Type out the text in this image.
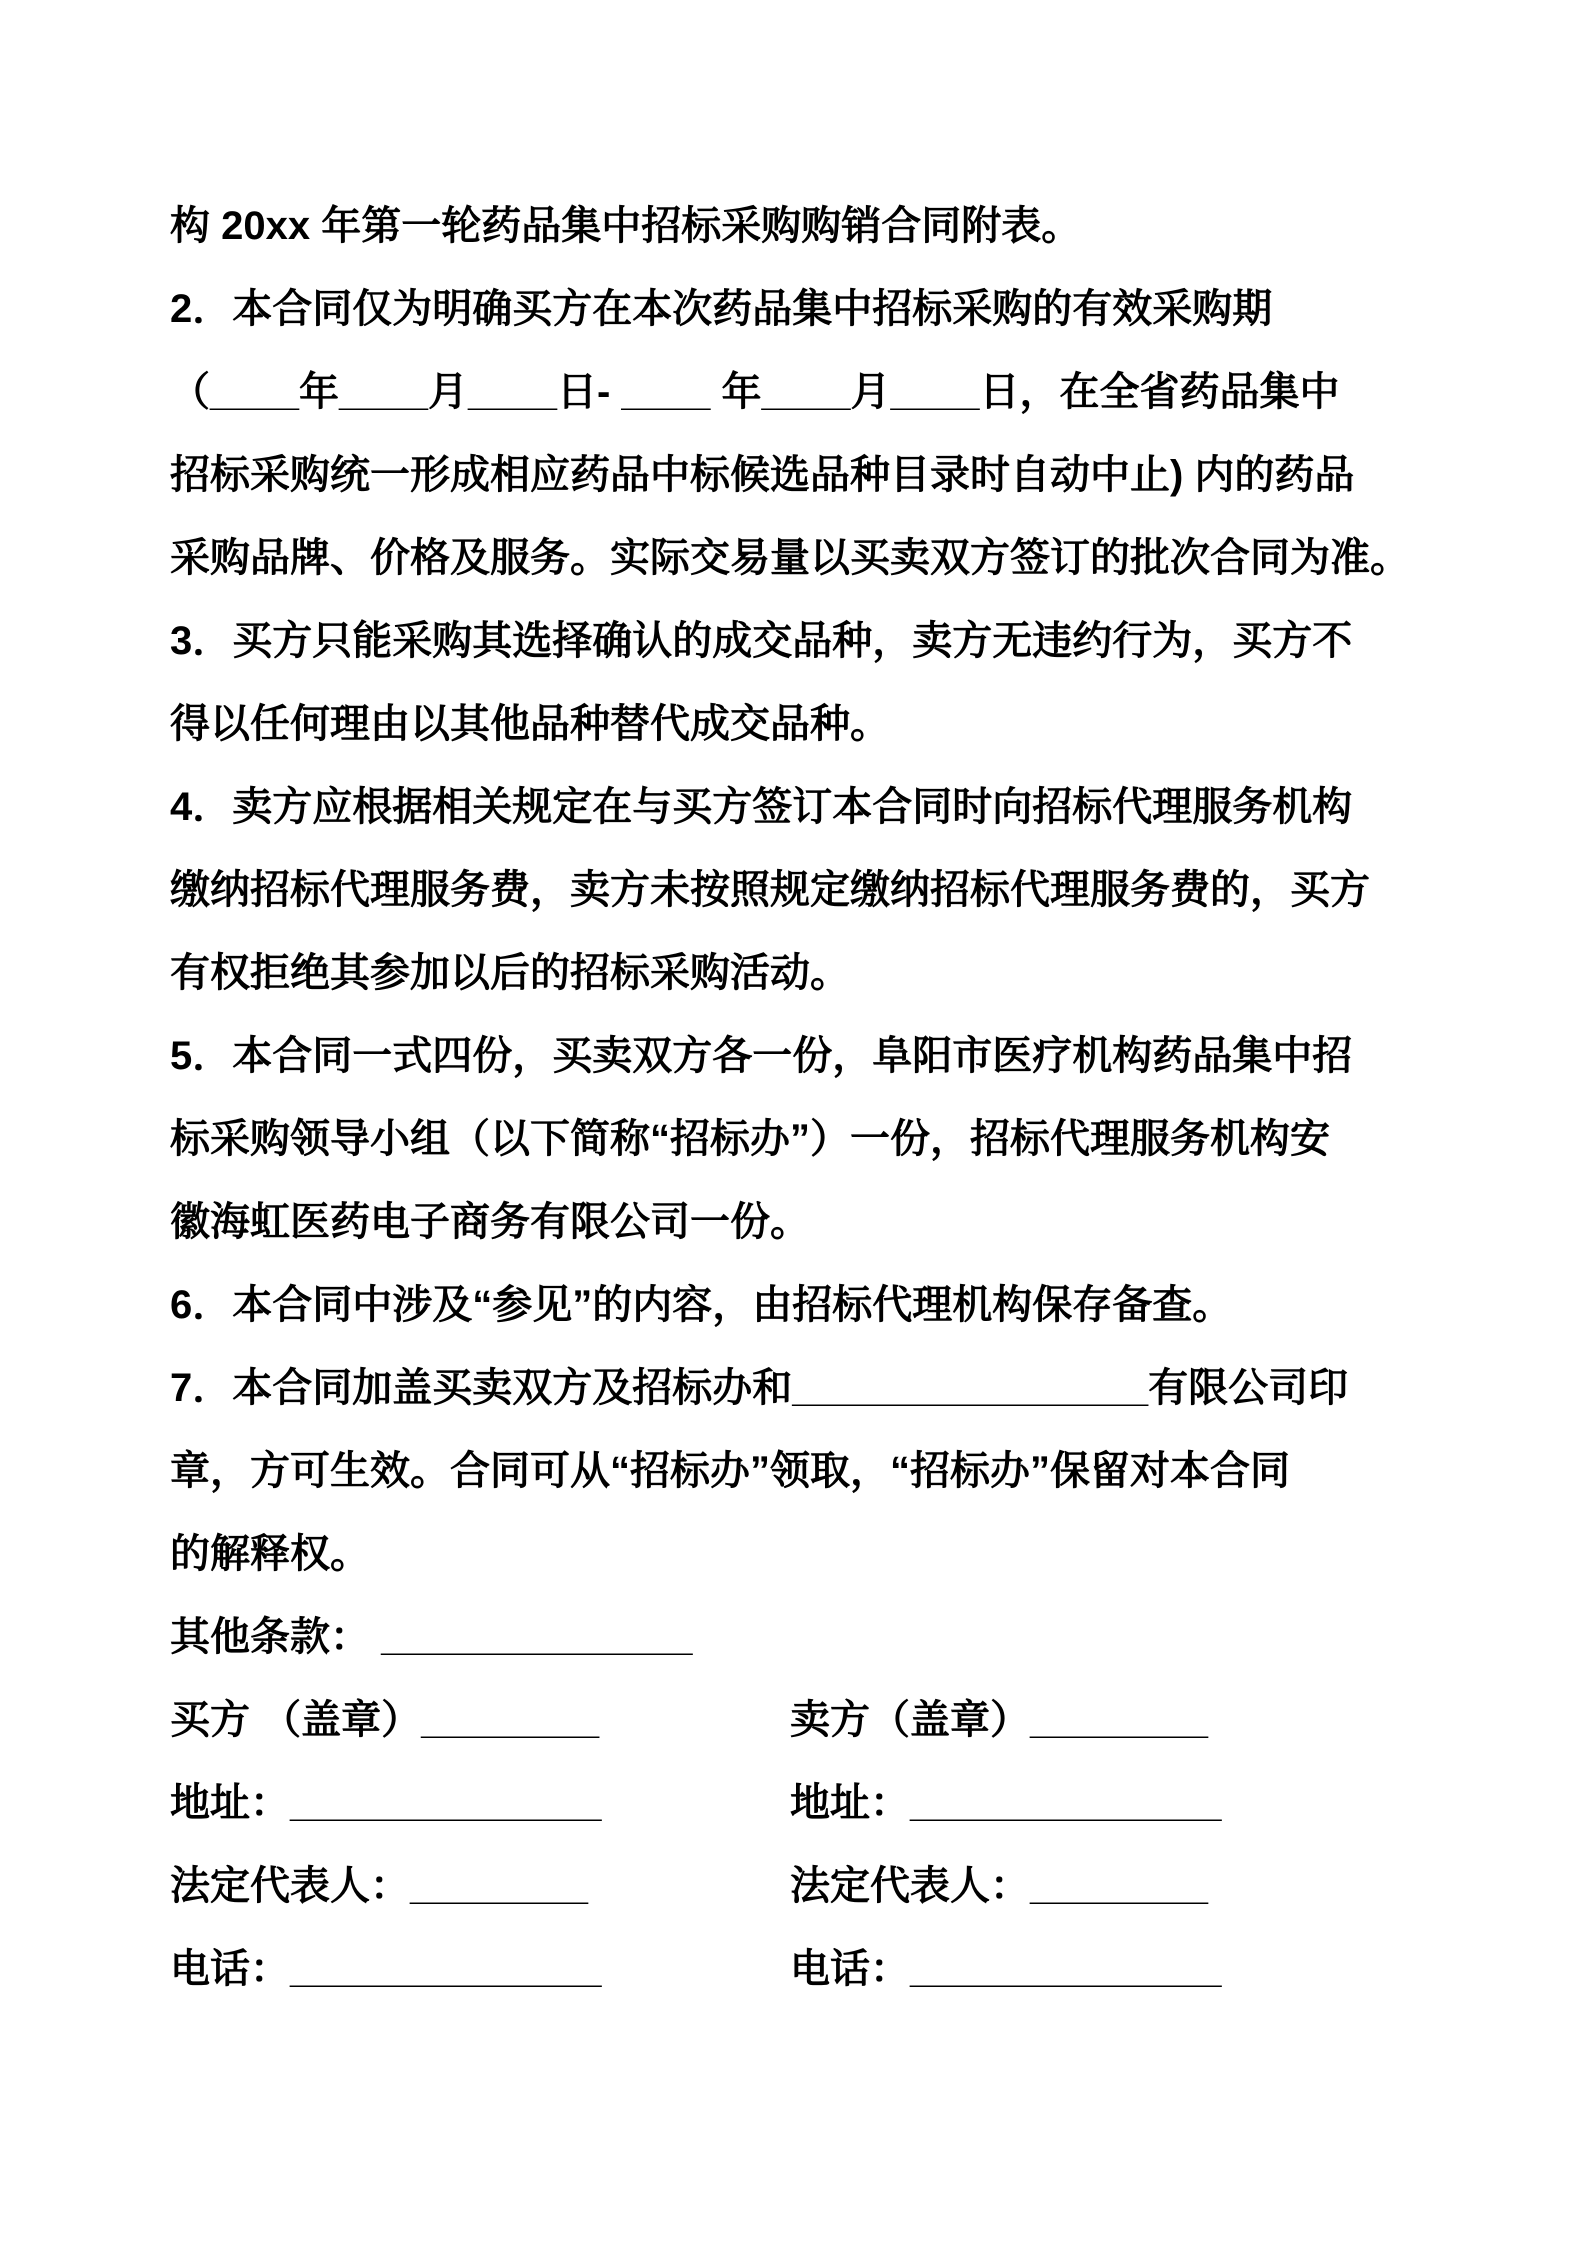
构 20xx 年第一轮药品集中招标采购购销合同附表。

2．本合同仅为明确买方在本次药品集中招标采购的有效采购期

（____年____月____日- ____ 年____月____日，在全省药品集中

招标采购统一形成相应药品中标候选品种目录时自动中止) 内的药品

采购品牌、价格及服务。实际交易量以买卖双方签订的批次合同为准。

3．买方只能采购其选择确认的成交品种，卖方无违约行为，买方不

得以任何理由以其他品种替代成交品种。

4．卖方应根据相关规定在与买方签订本合同时向招标代理服务机构

缴纳招标代理服务费，卖方未按照规定缴纳招标代理服务费的，买方

有权拒绝其参加以后的招标采购活动。

5．本合同一式四份，买卖双方各一份，阜阳市医疗机构药品集中招

标采购领导小组（以下简称“招标办”）一份，招标代理服务机构安

徽海虹医药电子商务有限公司一份。

6．本合同中涉及“参见”的内容，由招标代理机构保存备查。

7．本合同加盖买卖双方及招标办和________________有限公司印

章，方可生效。合同可从“招标办”领取，“招标办”保留对本合同

的解释权。

其他条款： ______________

买方 （盖章）________

地址：______________

法定代表人：________

电话：______________

卖方（盖章）________

地址：______________

法定代表人：________

电话：______________
